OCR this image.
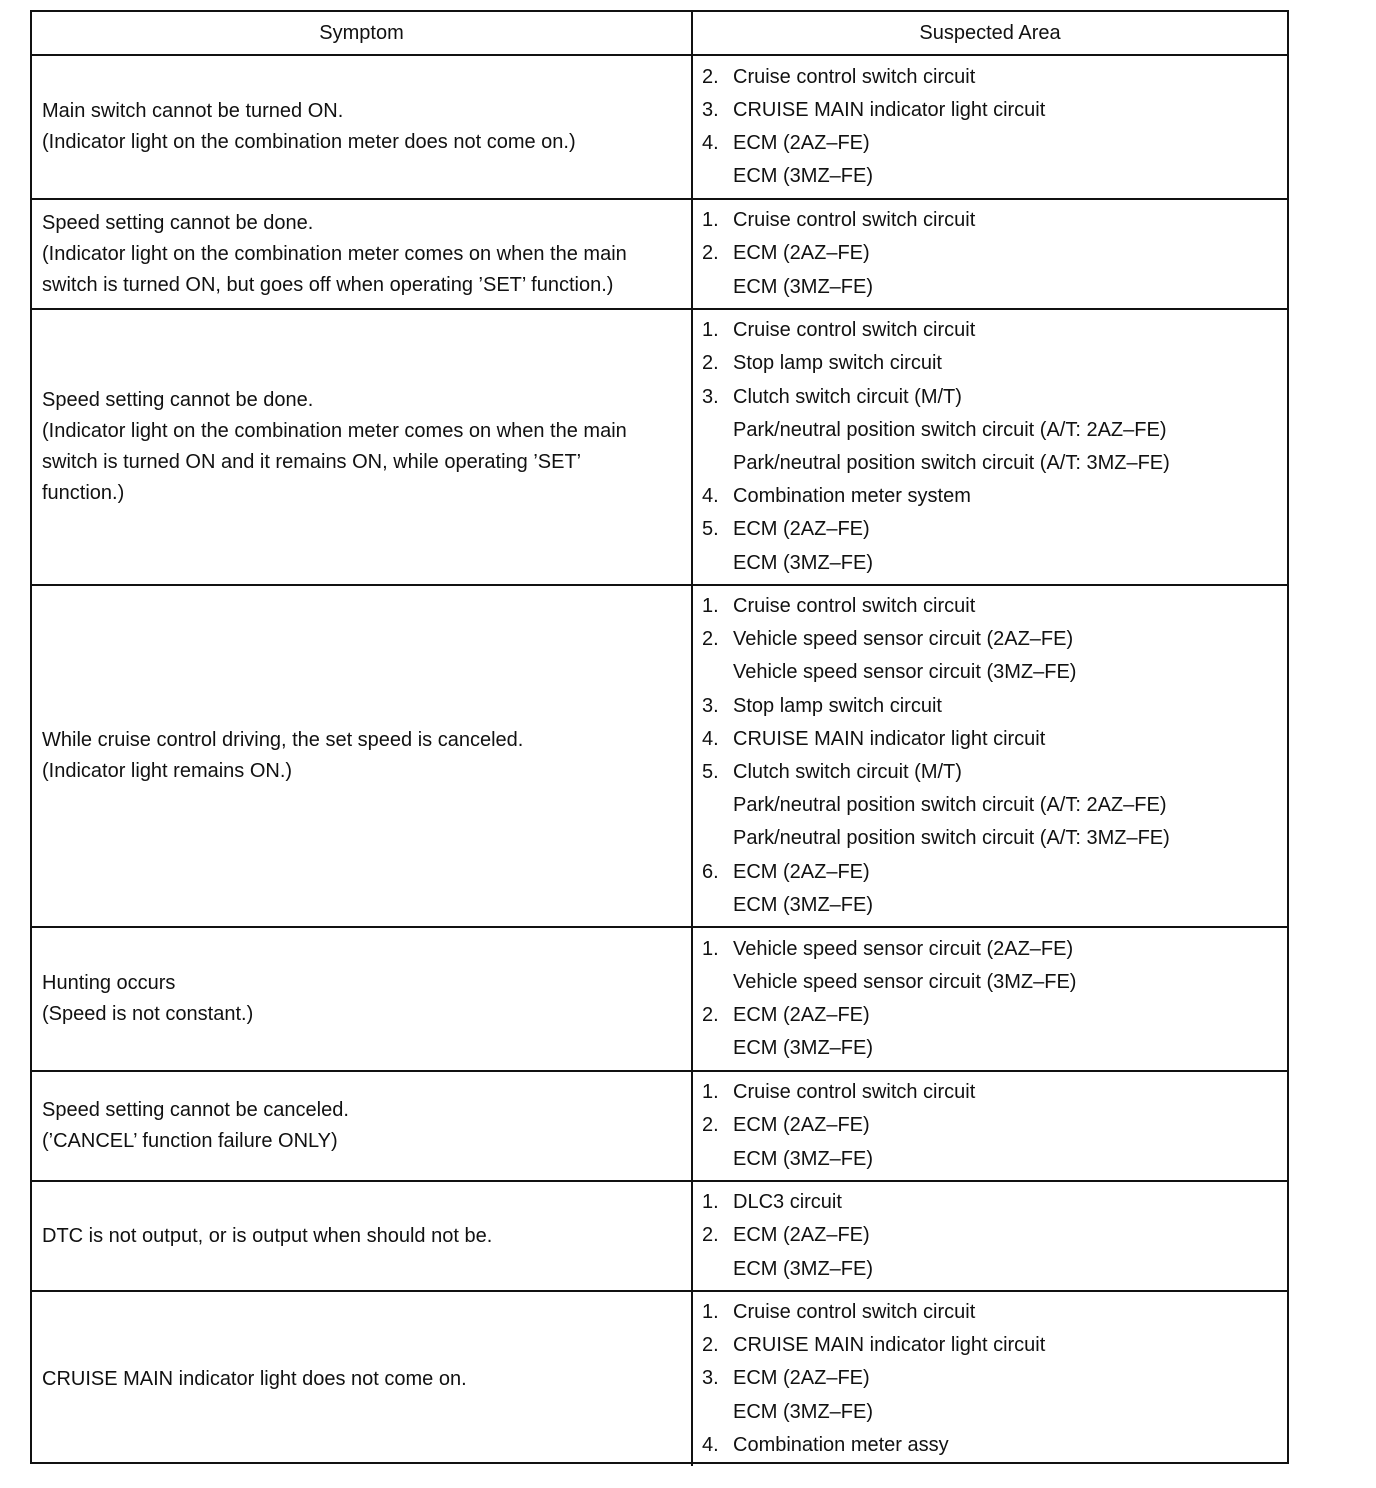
Symptom	Suspected Area
Main switch cannot be turned ON.
(Indicator light on the combination meter does not come on.)
2. Cruise control switch circuit
3. CRUISE MAIN indicator light circuit
4. ECM (2AZ–FE)
ECM (3MZ–FE)
Speed setting cannot be done.
(Indicator light on the combination meter comes on when the main
switch is turned ON, but goes off when operating ’SET’ function.)
1. Cruise control switch circuit
2. ECM (2AZ–FE)
ECM (3MZ–FE)
Speed setting cannot be done.
(Indicator light on the combination meter comes on when the main
switch is turned ON and it remains ON, while operating ’SET’
function.)
1. Cruise control switch circuit
2. Stop lamp switch circuit
3. Clutch switch circuit (M/T)
Park/neutral position switch circuit (A/T: 2AZ–FE)
Park/neutral position switch circuit (A/T: 3MZ–FE)
4. Combination meter system
5. ECM (2AZ–FE)
ECM (3MZ–FE)
While cruise control driving, the set speed is canceled.
(Indicator light remains ON.)
1. Cruise control switch circuit
2. Vehicle speed sensor circuit (2AZ–FE)
Vehicle speed sensor circuit (3MZ–FE)
3. Stop lamp switch circuit
4. CRUISE MAIN indicator light circuit
5. Clutch switch circuit (M/T)
Park/neutral position switch circuit (A/T: 2AZ–FE)
Park/neutral position switch circuit (A/T: 3MZ–FE)
6. ECM (2AZ–FE)
ECM (3MZ–FE)
Hunting occurs
(Speed is not constant.)
1. Vehicle speed sensor circuit (2AZ–FE)
Vehicle speed sensor circuit (3MZ–FE)
2. ECM (2AZ–FE)
ECM (3MZ–FE)
Speed setting cannot be canceled.
(’CANCEL’ function failure ONLY)
1. Cruise control switch circuit
2. ECM (2AZ–FE)
ECM (3MZ–FE)
DTC is not output, or is output when should not be.
1. DLC3 circuit
2. ECM (2AZ–FE)
ECM (3MZ–FE)
CRUISE MAIN indicator light does not come on.
1. Cruise control switch circuit
2. CRUISE MAIN indicator light circuit
3. ECM (2AZ–FE)
ECM (3MZ–FE)
4. Combination meter assy
